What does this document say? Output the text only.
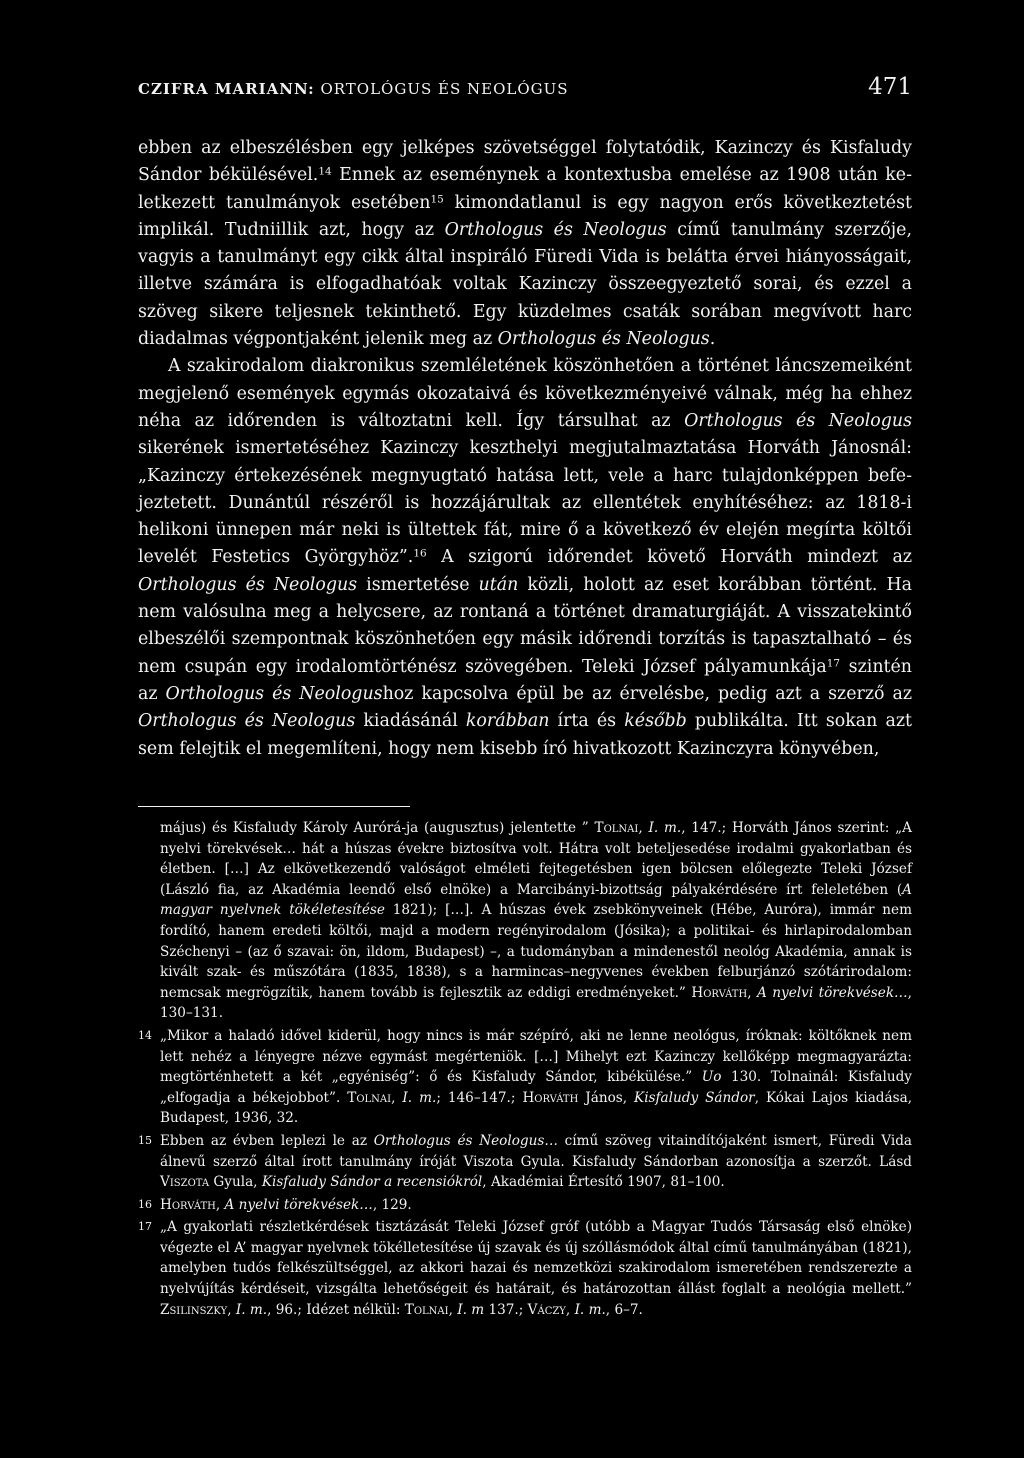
CZIFRA MARIANN: ORTOLÓGUS ÉS NEOLÓGUS	471

ebben az elbeszélésben egy jelképes szövetséggel folytatódik, Kazinczy és Kisfaludy Sándor békülésével.$^{14}$ Ennek az eseménynek a kontextusba emelése az 1908 után keletkezett tanulmányok esetében$^{15}$ kimondatlanul is egy nagyon erős következtetést implikál. Tudniillik azt, hogy az Orthologus és Neologus című tanulmány szerzője, vagyis a tanulmányt egy cikk által inspiráló Füredi Vida is belátta érvei hiányosságait, illetve számára is elfogadhatóak voltak Kazinczy összeegyeztető sorai, és ezzel a szöveg sikere teljesnek tekinthető. Egy küzdelmes csaták sorában megvívott harc diadalmas végpontjaként jelenik meg az Orthologus és Neologus.

A szakirodalom diakronikus szemléletének köszönhetően a történet láncszemeiként megjelenő események egymás okozataivá és következményeivé válnak, még ha ehhez néha az időrenden is változtatni kell. Így társulhat az Orthologus és Neologus sikerének ismertetéséhez Kazinczy keszthelyi megjutalmaztatása Horváth Jánosnál: „Kazinczy értekezésének megnyugtató hatása lett, vele a harc tulajdonképpen befejeztetett. Dunántúl részéről is hozzájárultak az ellentétek enyhítéséhez: az 1818-i helikoni ünnepen már neki is ültettek fát, mire ő a következő év elején megírta költői levelét Festetics Györgyhöz”.$^{16}$ A szigorú időrendet követő Horváth mindezt az Orthologus és Neologus ismertetése után közli, holott az eset korábban történt. Ha nem valósulna meg a helycsere, az rontaná a történet dramaturgiáját. A visszatekintő elbeszélői szempontnak köszönhetően egy másik időrendi torzítás is tapasztalható – és nem csupán egy irodalomtörténész szövegében. Teleki József pályamunkája$^{17}$ szintén az Orthologus és Neologushoz kapcsolva épül be az érvelésbe, pedig azt a szerző az Orthologus és Neologus kiadásánál korábban írta és később publikálta. Itt sokan azt sem felejtik el megemlíteni, hogy nem kisebb író hivatkozott Kazinczyra könyvében,

május) és Kisfaludy Károly Aurórá-ja (augusztus) jelentette ” Tolnai, I. m., 147.; Horváth János szerint: „A nyelvi törekvések… hát a húszas évekre biztosítva volt. Hátra volt beteljesedése irodalmi gyakorlatban és életben. […] Az elkövetkezendő valóságot elméleti fejtegetésben igen bölcsen előlegezte Teleki József (László fia, az Akadémia leendő első elnöke) a Marcibányi-bizottság pályakérdésére írt feleletében (A magyar nyelvnek tökéletesítése 1821); […]. A húszas évek zsebkönyveinek (Hébe, Auróra), immár nem fordító, hanem eredeti költői, majd a modern regényirodalom (Jósika); a politikai- és hirlapirodalomban Széchenyi – (az ő szavai: ön, ildom, Budapest) –, a tudományban a mindenestől neológ Akadémia, annak is kivált szak- és műszótára (1835, 1838), s a harmincas–negyvenes években felburjánzó szótárirodalom: nemcsak megrögzítik, hanem tovább is fejlesztik az eddigi eredményeket.” Horváth, A nyelvi törekvések…, 130–131.
14 „Mikor a haladó idővel kiderül, hogy nincs is már szépíró, aki ne lenne neológus, íróknak: költőknek nem lett nehéz a lényegre nézve egymást megérteniök. […] Mihelyt ezt Kazinczy kellőképp megmagyarázta: megtörténhetett a két „egyéniség”: ő és Kisfaludy Sándor, kibékülése.” Uo 130. Tolnainál: Kisfaludy „elfogadja a békejobbot”. Tolnai, I. m.; 146–147.; Horváth János, Kisfaludy Sándor, Kókai Lajos kiadása, Budapest, 1936, 32.
15 Ebben az évben leplezi le az Orthologus és Neologus… című szöveg vitaindítójaként ismert, Füredi Vida álnevű szerző által írott tanulmány íróját Viszota Gyula. Kisfaludy Sándorban azonosítja a szerzőt. Lásd Viszota Gyula, Kisfaludy Sándor a recensiókról, Akadémiai Értesítő 1907, 81–100.
16 Horváth, A nyelvi törekvések…, 129.
17 „A gyakorlati részletkérdések tisztázását Teleki József gróf (utóbb a Magyar Tudós Társaság első elnöke) végezte el A’ magyar nyelvnek tökélletesítése új szavak és új szóllásmódok által című tanulmányában (1821), amelyben tudós felkészültséggel, az akkori hazai és nemzetközi szakirodalom ismeretében rendszerezte a nyelvújítás kérdéseit, vizsgálta lehetőségeit és határait, és határozottan állást foglalt a neológia mellett.” Zsilinszky, I. m., 96.; Idézet nélkül: Tolnai, I. m 137.; Váczy, I. m., 6–7.
